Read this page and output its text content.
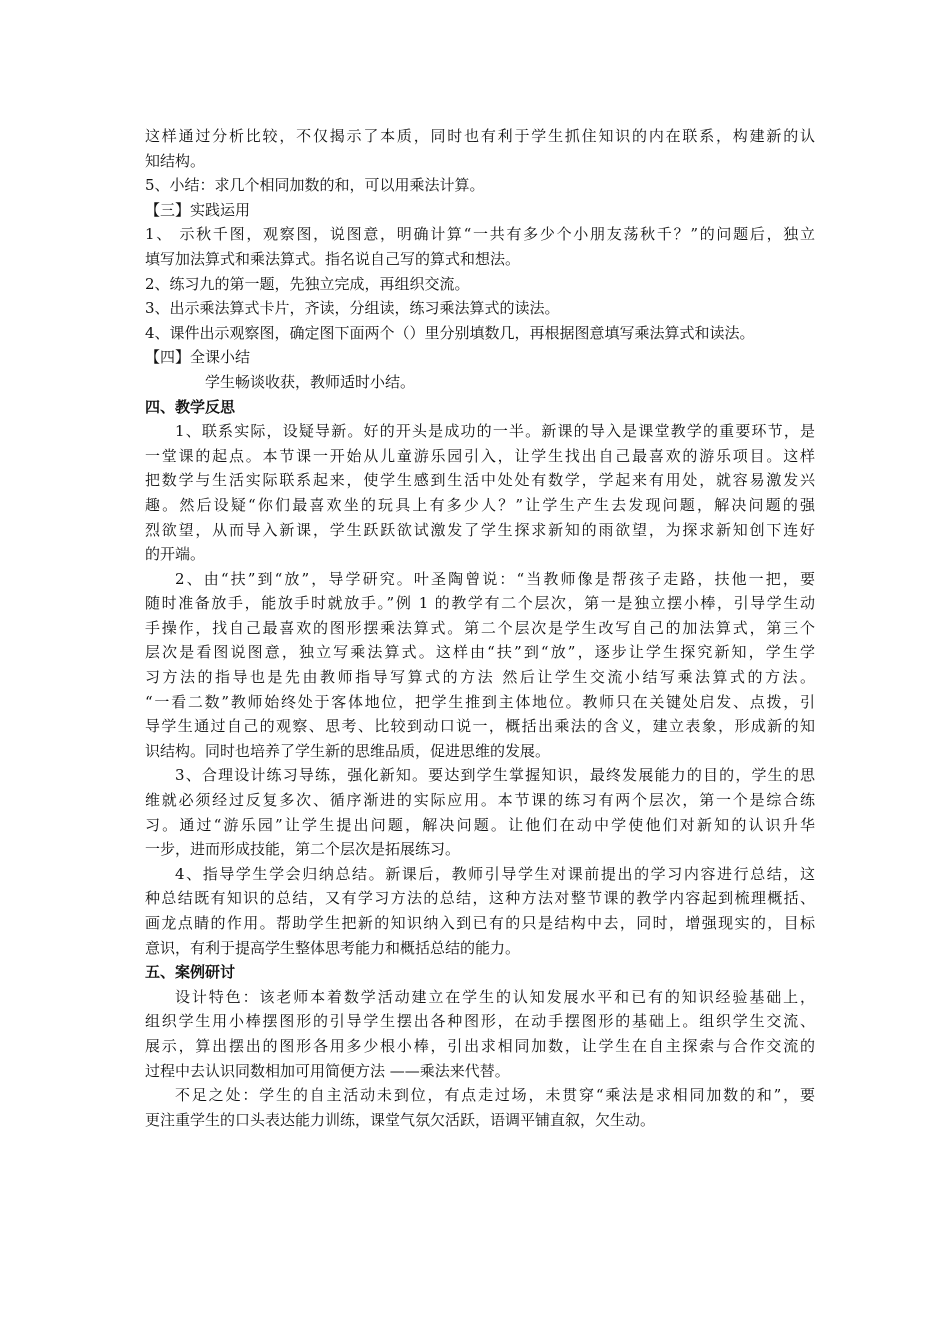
这样通过分析比较，不仅揭示了本质，同时也有利于学生抓住知识的内在联系，构建新的认
知结构。
5、小结：求几个相同加数的和，可以用乘法计算。
【三】实践运用
1、 示秋千图，观察图，说图意，明确计算“一共有多少个小朋友荡秋千？”的问题后，独立
填写加法算式和乘法算式。指名说自己写的算式和想法。
2、练习九的第一题，先独立完成，再组织交流。
3、出示乘法算式卡片，齐读，分组读，练习乘法算式的读法。
4、课件出示观察图，确定图下面两个（）里分别填数几，再根据图意填写乘法算式和读法。
【四】全课小结
学生畅谈收获，教师适时小结。
四、教学反思
1、联系实际，设疑导新。好的开头是成功的一半。新课的导入是课堂教学的重要环节，是
一堂课的起点。本节课一开始从儿童游乐园引入，让学生找出自己最喜欢的游乐项目。这样
把数学与生活实际联系起来，使学生感到生活中处处有数学，学起来有用处，就容易激发兴
趣。然后设疑“你们最喜欢坐的玩具上有多少人？”让学生产生去发现问题，解决问题的强
烈欲望，从而导入新课，学生跃跃欲试激发了学生探求新知的雨欲望，为探求新知创下连好
的开端。
2、由“扶”到“放”，导学研究。叶圣陶曾说：“当教师像是帮孩子走路，扶他一把，要
随时准备放手，能放手时就放手。”例 1 的教学有二个层次，第一是独立摆小棒，引导学生动
手操作，找自己最喜欢的图形摆乘法算式。第二个层次是学生改写自己的加法算式，第三个
层次是看图说图意，独立写乘法算式。这样由“扶”到“放”，逐步让学生探究新知，学生学
习方法的指导也是先由教师指导写算式的方法 然后让学生交流小结写乘法算式的方法。
“一看二数”教师始终处于客体地位，把学生推到主体地位。教师只在关键处启发、点拨，引
导学生通过自己的观察、思考、比较到动口说一，概括出乘法的含义，建立表象，形成新的知
识结构。同时也培养了学生新的思维品质，促进思维的发展。
3、合理设计练习导练，强化新知。要达到学生掌握知识，最终发展能力的目的，学生的思
维就必须经过反复多次、循序渐进的实际应用。本节课的练习有两个层次，第一个是综合练
习。通过“游乐园”让学生提出问题，解决问题。让他们在动中学使他们对新知的认识升华
一步，进而形成技能，第二个层次是拓展练习。
4、指导学生学会归纳总结。新课后，教师引导学生对课前提出的学习内容进行总结，这
种总结既有知识的总结，又有学习方法的总结，这种方法对整节课的教学内容起到梳理概括、
画龙点睛的作用。帮助学生把新的知识纳入到已有的只是结构中去，同时，增强现实的，目标
意识，有利于提高学生整体思考能力和概括总结的能力。
五、案例研讨
设计特色：该老师本着数学活动建立在学生的认知发展水平和已有的知识经验基础上，
组织学生用小棒摆图形的引导学生摆出各种图形，在动手摆图形的基础上。组织学生交流、
展示，算出摆出的图形各用多少根小棒，引出求相同加数，让学生在自主探索与合作交流的
过程中去认识同数相加可用简便方法 ——乘法来代替。
不足之处：学生的自主活动未到位，有点走过场，未贯穿“乘法是求相同加数的和”，要
更注重学生的口头表达能力训练，课堂气氛欠活跃，语调平铺直叙，欠生动。
